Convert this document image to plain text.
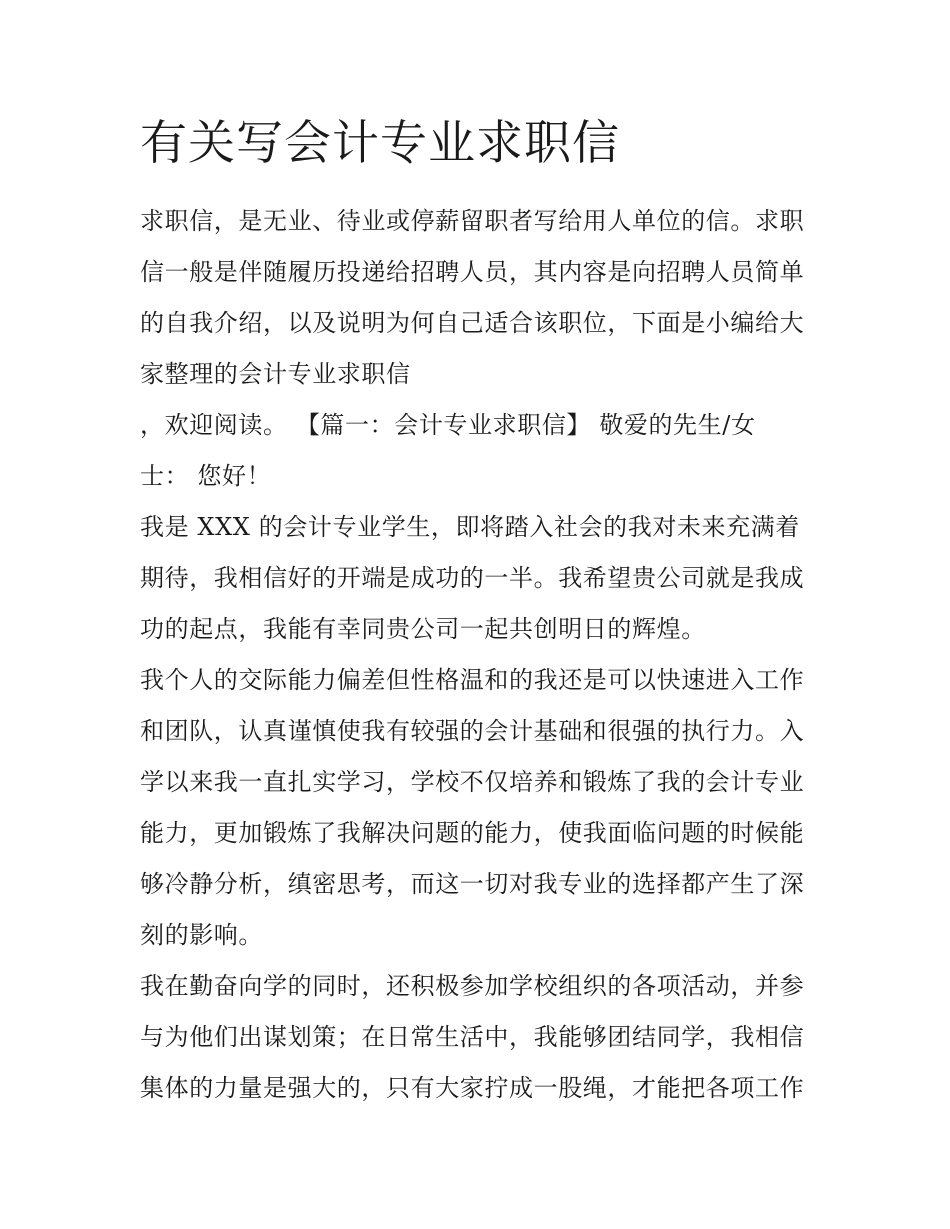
有关写会计专业求职信

求职信，是无业、待业或停薪留职者写给用人单位的信。求职

信一般是伴随履历投递给招聘人员，其内容是向招聘人员简单

的自我介绍，以及说明为何自己适合该职位，下面是小编给大

家整理的会计专业求职信

，欢迎阅读。 【篇一：会计专业求职信】 敬爱的先生/女

士： 您好！

我是 XXX 的会计专业学生，即将踏入社会的我对未来充满着

期待，我相信好的开端是成功的一半。我希望贵公司就是我成

功的起点，我能有幸同贵公司一起共创明日的辉煌。

我个人的交际能力偏差但性格温和的我还是可以快速进入工作

和团队，认真谨慎使我有较强的会计基础和很强的执行力。入

学以来我一直扎实学习，学校不仅培养和锻炼了我的会计专业

能力，更加锻炼了我解决问题的能力，使我面临问题的时候能

够冷静分析，缜密思考，而这一切对我专业的选择都产生了深

刻的影响。

我在勤奋向学的同时，还积极参加学校组织的各项活动，并参

与为他们出谋划策；在日常生活中，我能够团结同学，我相信

集体的力量是强大的，只有大家拧成一股绳，才能把各项工作
